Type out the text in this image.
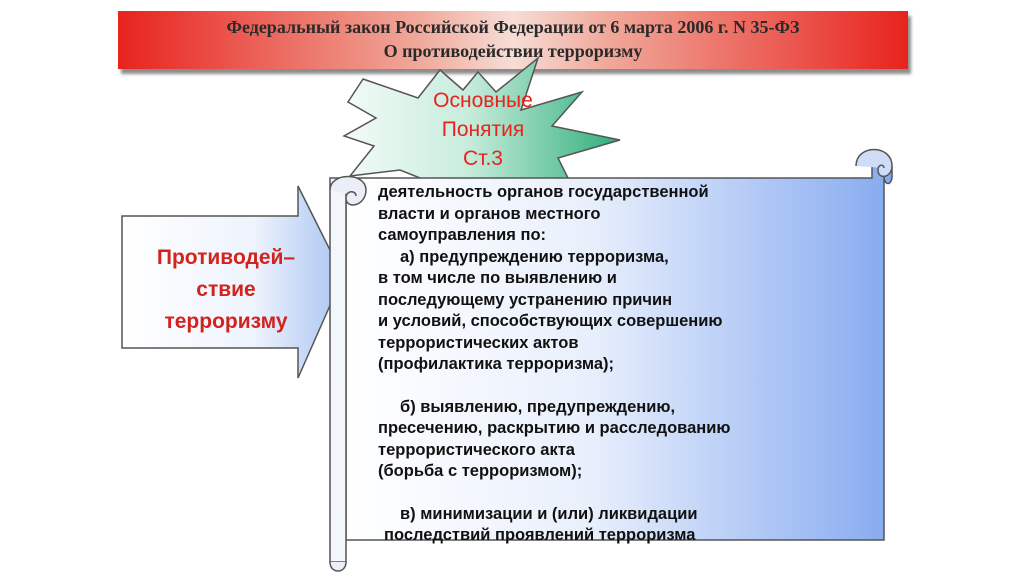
Федеральный закон Российской Федерации от 6 марта 2006 г. N 35-ФЗ
О противодействии терроризму
Основные
Понятия
Ст.3
Противодей–
ствие
терроризму

деятельность органов государственной

власти и органов местного

самоуправления по:

а) предупреждению терроризма,

в том числе по выявлению и

последующему устранению причин

и условий, способствующих совершению

террористических актов

(профилактика терроризма);

б) выявлению, предупреждению,

пресечению, раскрытию и расследованию

террористического акта

(борьба с терроризмом);

в) минимизации и (или) ликвидации

последствий проявлений терроризма
